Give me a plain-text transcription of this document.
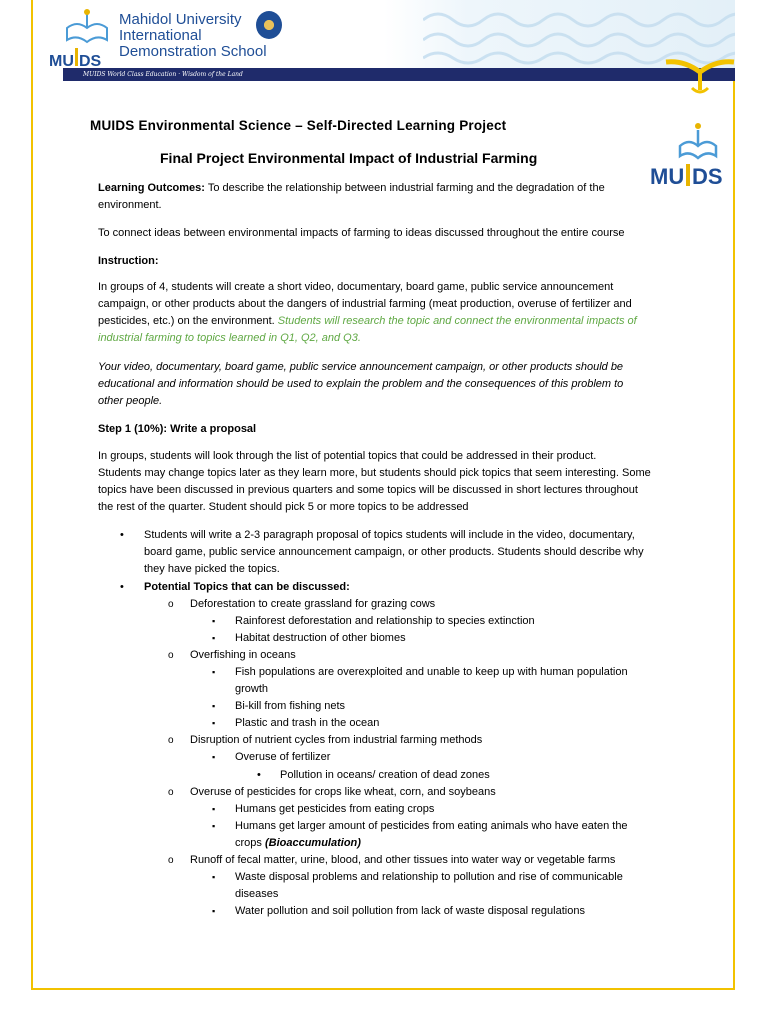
MU DS
Mahidol University
International
Demonstration School
MUIDS World Class Education · Wisdom of the Land
MUIDS Environmental Science – Self-Directed Learning Project
Final Project Environmental Impact of Industrial Farming
MU DS
Learning Outcomes: To describe the relationship between industrial farming and the degradation of the
environment.
To connect ideas between environmental impacts of farming to ideas discussed throughout the entire course
Instruction:
In groups of 4, students will create a short video, documentary, board game, public service announcement
campaign, or other products about the dangers of industrial farming (meat production, overuse of fertilizer and
pesticides, etc.) on the environment. Students will research the topic and connect the environmental impacts of
industrial farming to topics learned in Q1, Q2, and Q3.
Your video, documentary, board game, public service announcement campaign, or other products should be
educational and information should be used to explain the problem and the consequences of this problem to
other people.
Step 1 (10%): Write a proposal
In groups, students will look through the list of potential topics that could be addressed in their product.
Students may change topics later as they learn more, but students should pick topics that seem interesting. Some
topics have been discussed in previous quarters and some topics will be discussed in short lectures throughout
the rest of the quarter. Student should pick 5 or more topics to be addressed
• Students will write a 2-3 paragraph proposal of topics students will include in the video, documentary,
board game, public service announcement campaign, or other products. Students should describe why
they have picked the topics.
• Potential Topics that can be discussed:
o Deforestation to create grassland for grazing cows
▪ Rainforest deforestation and relationship to species extinction
▪ Habitat destruction of other biomes
o Overfishing in oceans
▪ Fish populations are overexploited and unable to keep up with human population
growth
▪ Bi-kill from fishing nets
▪ Plastic and trash in the ocean
o Disruption of nutrient cycles from industrial farming methods
▪ Overuse of fertilizer
• Pollution in oceans/ creation of dead zones
o Overuse of pesticides for crops like wheat, corn, and soybeans
▪ Humans get pesticides from eating crops
▪ Humans get larger amount of pesticides from eating animals who have eaten the
crops (Bioaccumulation)
o Runoff of fecal matter, urine, blood, and other tissues into water way or vegetable farms
▪ Waste disposal problems and relationship to pollution and rise of communicable
diseases
▪ Water pollution and soil pollution from lack of waste disposal regulations
